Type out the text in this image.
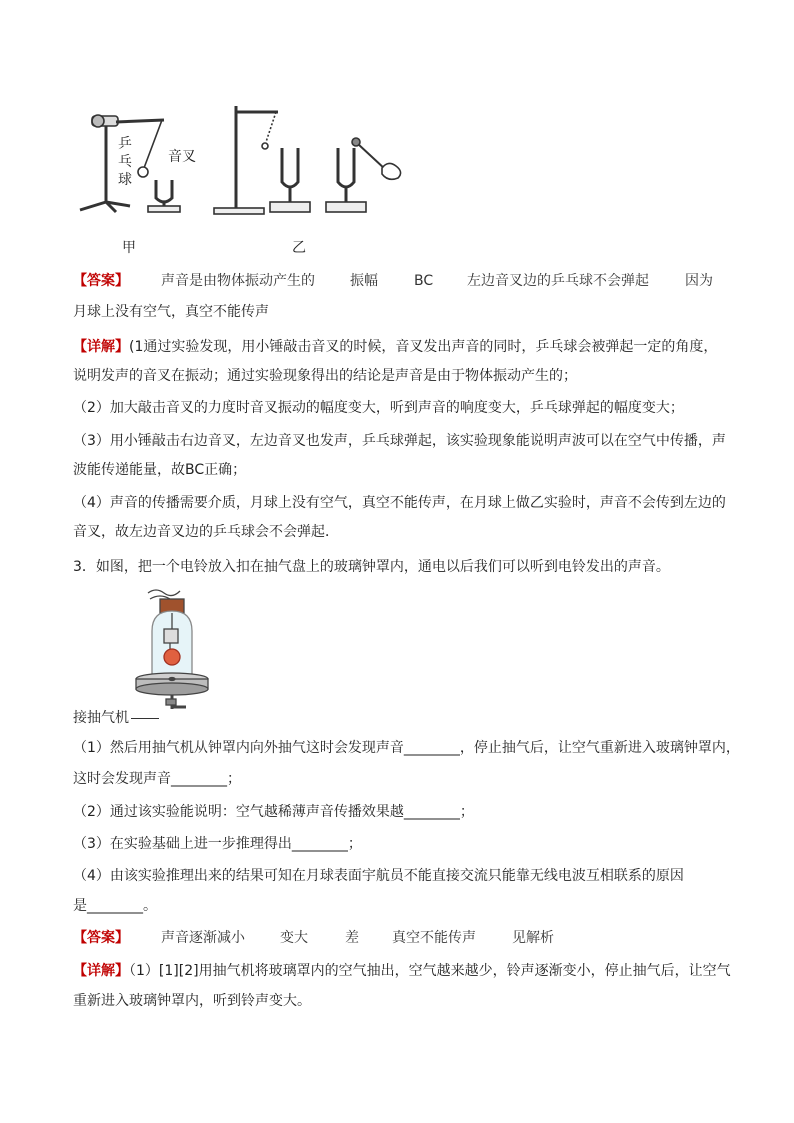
乒
乓
球
音叉
甲	乙
【答案】 声音是由物体振动产生的	振幅	BC 左边音叉边的乒乓球不会弹起	因为
月球上没有空气，真空不能传声
【详解】(1通过实验发现，用小锤敲击音叉的时候，音叉发出声音的同时，乒乓球会被弹起一定的角度，
说明发声的音叉在振动；通过实验现象得出的结论是声音是由于物体振动产生的；
（2）加大敲击音叉的力度时音叉振动的幅度变大，听到声音的响度变大，乒乓球弹起的幅度变大；
（3）用小锤敲击右边音叉，左边音叉也发声，乒乓球弹起，该实验现象能说明声波可以在空气中传播，声
波能传递能量，故BC正确；
（4）声音的传播需要介质，月球上没有空气，真空不能传声，在月球上做乙实验时，声音不会传到左边的
音叉，故左边音叉边的乒乓球会不会弹起．
3．如图，把一个电铃放入扣在抽气盘上的玻璃钟罩内，通电以后我们可以听到电铃发出的声音。
接抽气机
（1）然后用抽气机从钟罩内向外抽气这时会发现声音________，停止抽气后，让空气重新进入玻璃钟罩内，
这时会发现声音________；
（2）通过该实验能说明：空气越稀薄声音传播效果越________；
（3）在实验基础上进一步推理得出________；
（4）由该实验推理出来的结果可知在月球表面宇航员不能直接交流只能靠无线电波互相联系的原因
是________。
【答案】 声音逐渐减小	变大	差 真空不能传声	见解析
【详解】（1）[1][2]用抽气机将玻璃罩内的空气抽出，空气越来越少，铃声逐渐变小，停止抽气后，让空气
重新进入玻璃钟罩内，听到铃声变大。
